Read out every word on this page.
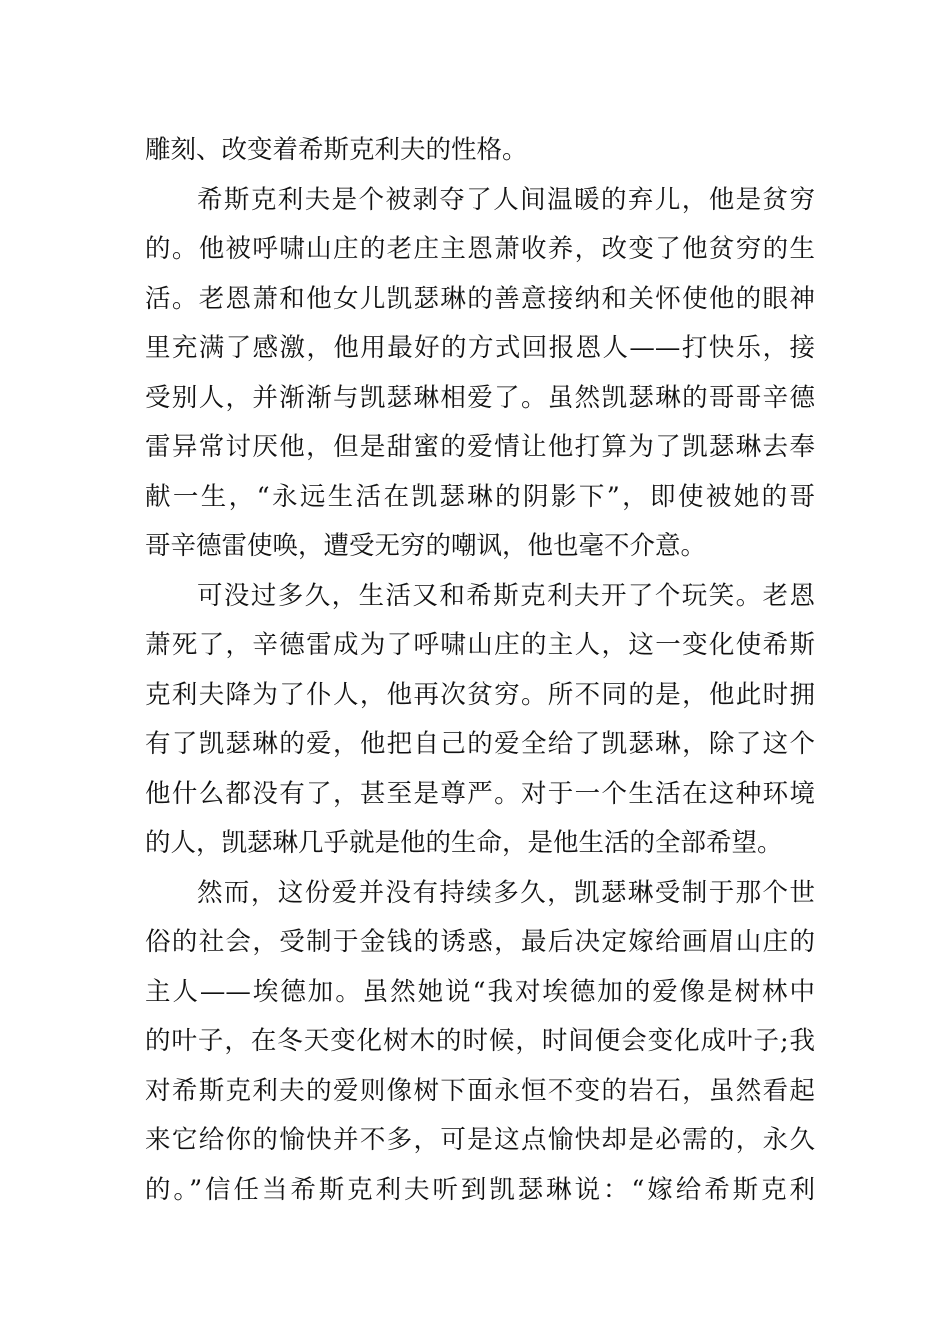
雕刻、改变着希斯克利夫的性格。
希斯克利夫是个被剥夺了人间温暖的弃儿，他是贫穷
的。他被呼啸山庄的老庄主恩萧收养，改变了他贫穷的生
活。老恩萧和他女儿凯瑟琳的善意接纳和关怀使他的眼神
里充满了感激，他用最好的方式回报恩人——打快乐，接
受别人，并渐渐与凯瑟琳相爱了。虽然凯瑟琳的哥哥辛德
雷异常讨厌他，但是甜蜜的爱情让他打算为了凯瑟琳去奉
献一生，“永远生活在凯瑟琳的阴影下”，即使被她的哥
哥辛德雷使唤，遭受无穷的嘲讽，他也毫不介意。
可没过多久，生活又和希斯克利夫开了个玩笑。老恩
萧死了，辛德雷成为了呼啸山庄的主人，这一变化使希斯
克利夫降为了仆人，他再次贫穷。所不同的是，他此时拥
有了凯瑟琳的爱，他把自己的爱全给了凯瑟琳，除了这个
他什么都没有了，甚至是尊严。对于一个生活在这种环境
的人，凯瑟琳几乎就是他的生命，是他生活的全部希望。
然而，这份爱并没有持续多久，凯瑟琳受制于那个世
俗的社会，受制于金钱的诱惑，最后决定嫁给画眉山庄的
主人——埃德加。虽然她说“我对埃德加的爱像是树林中
的叶子，在冬天变化树木的时候，时间便会变化成叶子;我
对希斯克利夫的爱则像树下面永恒不变的岩石，虽然看起
来它给你的愉快并不多，可是这点愉快却是必需的，永久
的。”信任当希斯克利夫听到凯瑟琳说：“嫁给希斯克利
